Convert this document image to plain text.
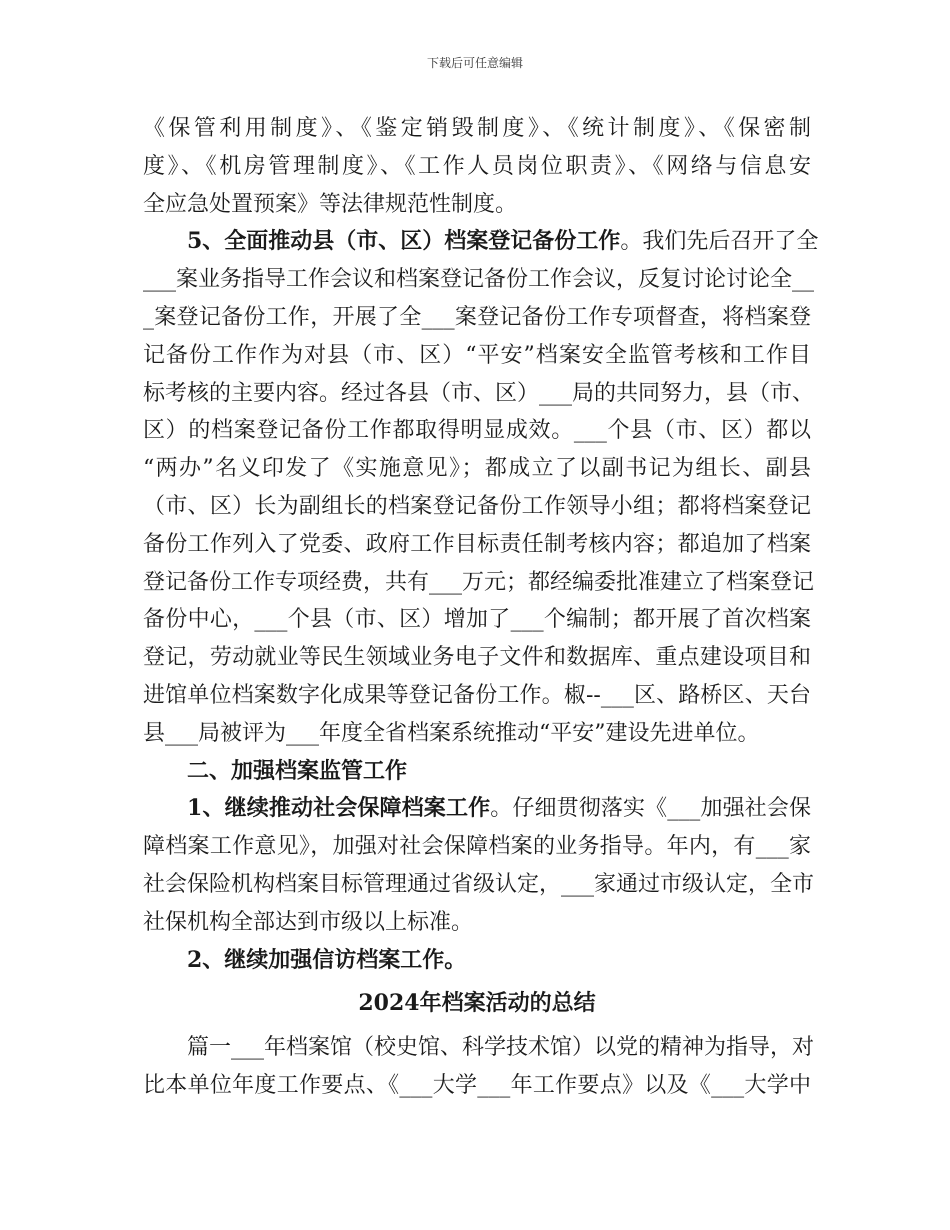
下载后可任意编辑
《保管利用制度》、《鉴定销毁制度》、《统计制度》、《保密制
度》、《机房管理制度》、《工作人员岗位职责》、《网络与信息安
全应急处置预案》等法律规范性制度。
5、全面推动县（市、区）档案登记备份工作。我们先后召开了全
___案业务指导工作会议和档案登记备份工作会议，反复讨论讨论全__
_案登记备份工作，开展了全___案登记备份工作专项督查，将档案登
记备份工作作为对县（市、区）“平安”档案安全监管考核和工作目
标考核的主要内容。经过各县（市、区）___局的共同努力，县（市、
区）的档案登记备份工作都取得明显成效。___个县（市、区）都以
“两办”名义印发了《实施意见》；都成立了以副书记为组长、副县
（市、区）长为副组长的档案登记备份工作领导小组；都将档案登记
备份工作列入了党委、政府工作目标责任制考核内容；都追加了档案
登记备份工作专项经费，共有___万元；都经编委批准建立了档案登记
备份中心，___个县（市、区）增加了___个编制；都开展了首次档案
登记，劳动就业等民生领域业务电子文件和数据库、重点建设项目和
进馆单位档案数字化成果等登记备份工作。椒--___区、路桥区、天台
县___局被评为___年度全省档案系统推动“平安”建设先进单位。
二、加强档案监管工作
1、继续推动社会保障档案工作。仔细贯彻落实《___加强社会保
障档案工作意见》，加强对社会保障档案的业务指导。年内，有___家
社会保险机构档案目标管理通过省级认定，___家通过市级认定，全市
社保机构全部达到市级以上标准。
2、继续加强信访档案工作。
2024年档案活动的总结
篇一___年档案馆（校史馆、科学技术馆）以党的精神为指导，对
比本单位年度工作要点、《___大学___年工作要点》以及《___大学中
